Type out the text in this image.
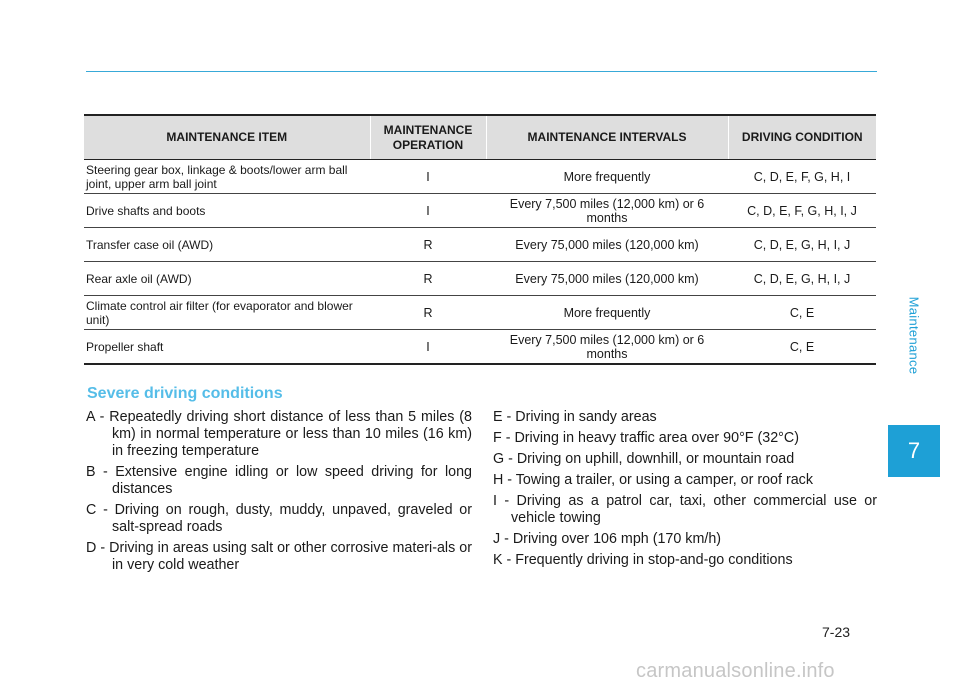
Maintenance
7
MAINTENANCE ITEM	MAINTENANCE OPERATION	MAINTENANCE INTERVALS	DRIVING CONDITION
Steering gear box, linkage & boots/lower arm ball joint, upper arm ball joint	I	More frequently	C, D, E, F, G, H, I
Drive shafts and boots	I	Every 7,500 miles (12,000 km) or 6 months	C, D, E, F, G, H, I, J
Transfer case oil (AWD)	R	Every 75,000 miles (120,000 km)	C, D, E, G, H, I, J
Rear axle oil (AWD)	R	Every 75,000 miles (120,000 km)	C, D, E, G, H, I, J
Climate control air filter (for evaporator and blower unit)	R	More frequently	C, E
Propeller shaft	I	Every 7,500 miles (12,000 km) or 6 months	C, E
Severe driving conditions
A - Repeatedly driving short distance of less than 5 miles (8 km) in normal temperature or less than 10 miles (16 km) in freezing temperature
B - Extensive engine idling or low speed driving for long distances
C - Driving on rough, dusty, muddy, unpaved, graveled or salt-spread roads
D - Driving in areas using salt or other corrosive materi-als or in very cold weather
E - Driving in sandy areas
F - Driving in heavy traffic area over 90°F (32°C)
G - Driving on uphill, downhill, or mountain road
H - Towing a trailer, or using a camper, or roof rack
I - Driving as a patrol car, taxi, other commercial use or vehicle towing
J - Driving over 106 mph (170 km/h)
K - Frequently driving in stop-and-go conditions
7-23
carmanualsonline.info
